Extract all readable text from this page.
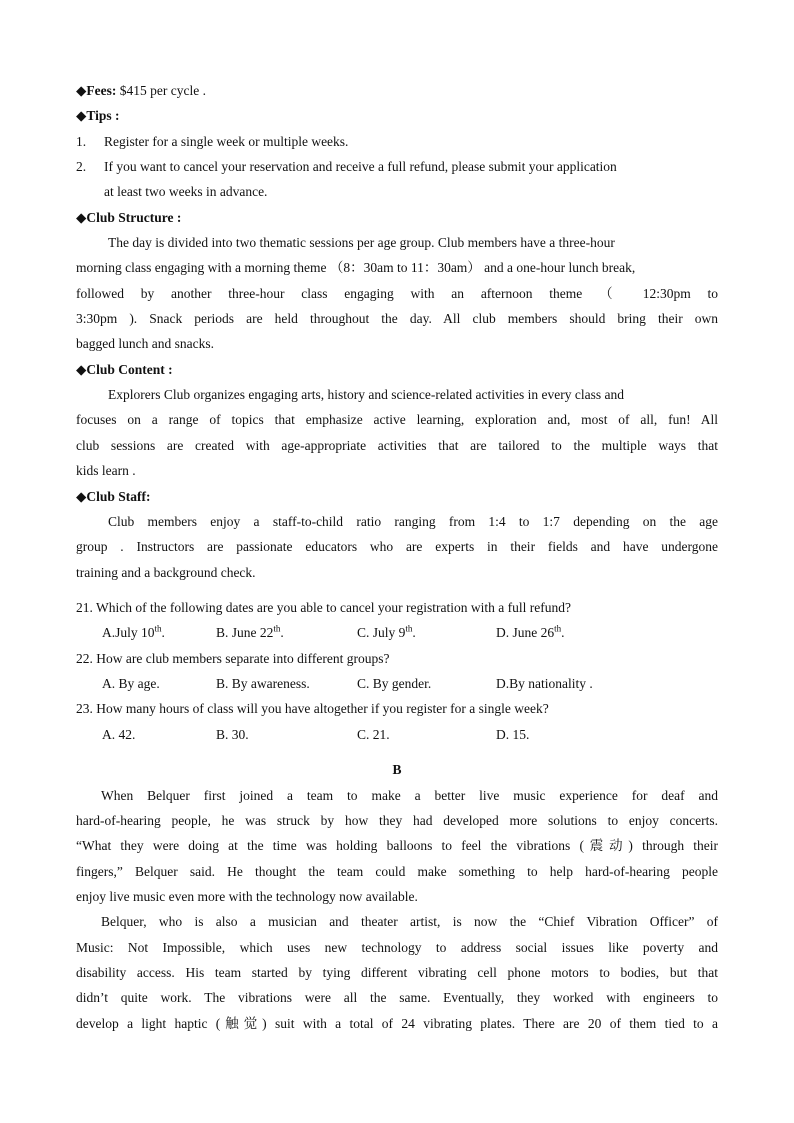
◆Fees: $415 per cycle .
◆Tips :
1. Register for a single week or multiple weeks.
2. If you want to cancel your reservation and receive a full refund, please submit your application
at least two weeks in advance.
◆Club Structure :
The day is divided into two thematic sessions per age group. Club members have a three-hour
morning class engaging with a morning theme （8：30am to 11：30am） and a one-hour lunch break,
followed by another three-hour class engaging with an afternoon theme （ 12:30pm to
3:30pm ). Snack periods are held throughout the day. All club members should bring their own
bagged lunch and snacks.
◆Club Content :
Explorers Club organizes engaging arts, history and science-related activities in every class and
focuses on a range of topics that emphasize active learning, exploration and, most of all, fun! All
club sessions are created with age-appropriate activities that are tailored to the multiple ways that
kids learn .
◆Club Staff:
Club members enjoy a staff-to-child ratio ranging from 1:4 to 1:7 depending on the age
group . Instructors are passionate educators who are experts in their fields and have undergone
training and a background check.
21. Which of the following dates are you able to cancel your registration with a full refund?
A.July 10th.	B. June 22th.	C. July 9th.	D. June 26th.
22. How are club members separate into different groups?
A. By age.	B. By awareness.	C. By gender.	D.By nationality .
23. How many hours of class will you have altogether if you register for a single week?
A. 42.	B. 30.	C. 21.	D. 15.
B
When Belquer first joined a team to make a better live music experience for deaf and
hard-of-hearing people, he was struck by how they had developed more solutions to enjoy concerts.
“What they were doing at the time was holding balloons to feel the vibrations (震动) through their
fingers,” Belquer said. He thought the team could make something to help hard-of-hearing people
enjoy live music even more with the technology now available.
Belquer, who is also a musician and theater artist, is now the “Chief Vibration Officer” of
Music: Not Impossible, which uses new technology to address social issues like poverty and
disability access. His team started by tying different vibrating cell phone motors to bodies, but that
didn’t quite work. The vibrations were all the same. Eventually, they worked with engineers to
develop a light haptic (触觉) suit with a total of 24 vibrating plates. There are 20 of them tied to a
